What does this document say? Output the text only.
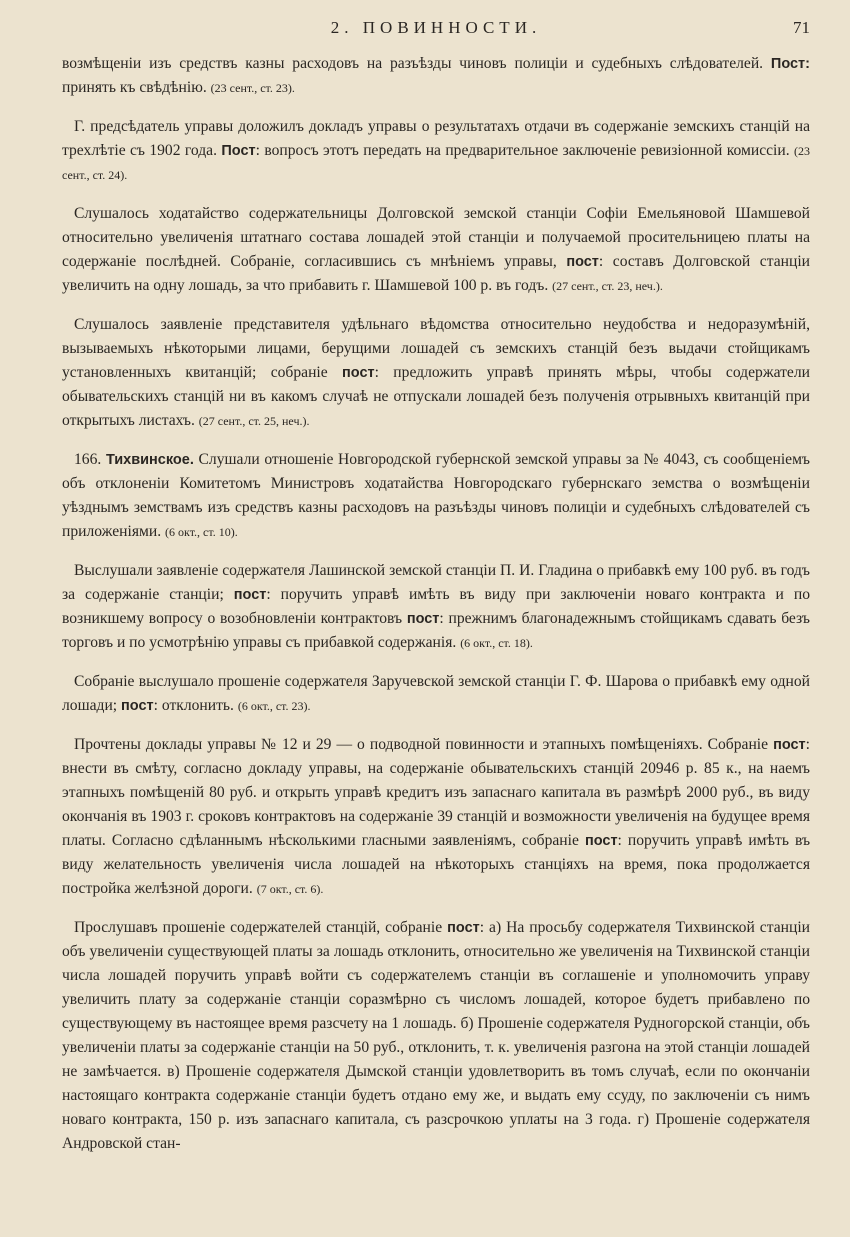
2. ПОВИННОСТИ.	71

возмѣщеніи изъ средствъ казны расходовъ на разъѣзды чиновъ полиціи и судебныхъ слѣдователей. Пост: принять къ свѣдѣнію. (23 сент., ст. 23).

Г. предсѣдатель управы доложилъ докладъ управы о результатахъ отдачи въ содержаніе земскихъ станцій на трехлѣтіе съ 1902 года. Пост: вопросъ этотъ передать на предварительное заключеніе ревизіонной комиссіи. (23 сент., ст. 24).

Слушалось ходатайство содержательницы Долговской земской станціи Софіи Емельяновой Шамшевой относительно увеличенія штатнаго состава лошадей этой станціи и получаемой просительницею платы на содержаніе послѣдней. Собраніе, согласившись съ мнѣніемъ управы, пост: составъ Долговской станціи увеличить на одну лошадь, за что прибавить г. Шамшевой 100 р. въ годъ. (27 сент., ст. 23, неч.).

Слушалось заявленіе представителя удѣльнаго вѣдомства относительно неудобства и недоразумѣній, вызываемыхъ нѣкоторыми лицами, берущими лошадей съ земскихъ станцій безъ выдачи стойщикамъ установленныхъ квитанцій; собраніе пост: предложить управѣ принять мѣры, чтобы содержатели обывательскихъ станцій ни въ какомъ случаѣ не отпускали лошадей безъ полученія отрывныхъ квитанцій при открытыхъ листахъ. (27 сент., ст. 25, неч.).

166. Тихвинское. Слушали отношеніе Новгородской губернской земской управы за № 4043, съ сообщеніемъ объ отклоненіи Комитетомъ Министровъ ходатайства Новгородскаго губернскаго земства о возмѣщеніи уѣзднымъ земствамъ изъ средствъ казны расходовъ на разъѣзды чиновъ полиціи и судебныхъ слѣдователей съ приложеніями. (6 окт., ст. 10).

Выслушали заявленіе содержателя Лашинской земской станціи П. И. Гладина о прибавкѣ ему 100 руб. въ годъ за содержаніе станціи; пост: поручить управѣ имѣть въ виду при заключеніи новаго контракта и по возникшему вопросу о возобновленіи контрактовъ пост: прежнимъ благонадежнымъ стойщикамъ сдавать безъ торговъ и по усмотрѣнію управы съ прибавкой содержанія. (6 окт., ст. 18).

Собраніе выслушало прошеніе содержателя Заручевской земской станціи Г. Ф. Шарова о прибавкѣ ему одной лошади; пост: отклонить. (6 окт., ст. 23).

Прочтены доклады управы № 12 и 29 — о подводной повинности и этапныхъ помѣщеніяхъ. Собраніе пост: внести въ смѣту, согласно докладу управы, на содержаніе обывательскихъ станцій 20946 р. 85 к., на наемъ этапныхъ помѣщеній 80 руб. и открыть управѣ кредитъ изъ запаснаго капитала въ размѣрѣ 2000 руб., въ виду окончанія въ 1903 г. сроковъ контрактовъ на содержаніе 39 станцій и возможности увеличенія на будущее время платы. Согласно сдѣланнымъ нѣсколькими гласными заявленіямъ, собраніе пост: поручить управѣ имѣть въ виду желательность увеличенія числа лошадей на нѣкоторыхъ станціяхъ на время, пока продолжается постройка желѣзной дороги. (7 окт., ст. 6).

Прослушавъ прошеніе содержателей станцій, собраніе пост: а) На просьбу содержателя Тихвинской станціи объ увеличеніи существующей платы за лошадь отклонить, относительно же увеличенія на Тихвинской станціи числа лошадей поручить управѣ войти съ содержателемъ станціи въ соглашеніе и уполномочить управу увеличить плату за содержаніе станціи соразмѣрно съ числомъ лошадей, которое будетъ прибавлено по существующему въ настоящее время разсчету на 1 лошадь. б) Прошеніе содержателя Рудногорской станціи, объ увеличеніи платы за содержаніе станціи на 50 руб., отклонить, т. к. увеличенія разгона на этой станціи лошадей не замѣчается. в) Прошеніе содержателя Дымской станціи удовлетворить въ томъ случаѣ, если по окончаніи настоящаго контракта содержаніе станціи будетъ отдано ему же, и выдать ему ссуду, по заключеніи съ нимъ новаго контракта, 150 р. изъ запаснаго капитала, съ разсрочкою уплаты на 3 года. г) Прошеніе содержателя Андровской стан-
